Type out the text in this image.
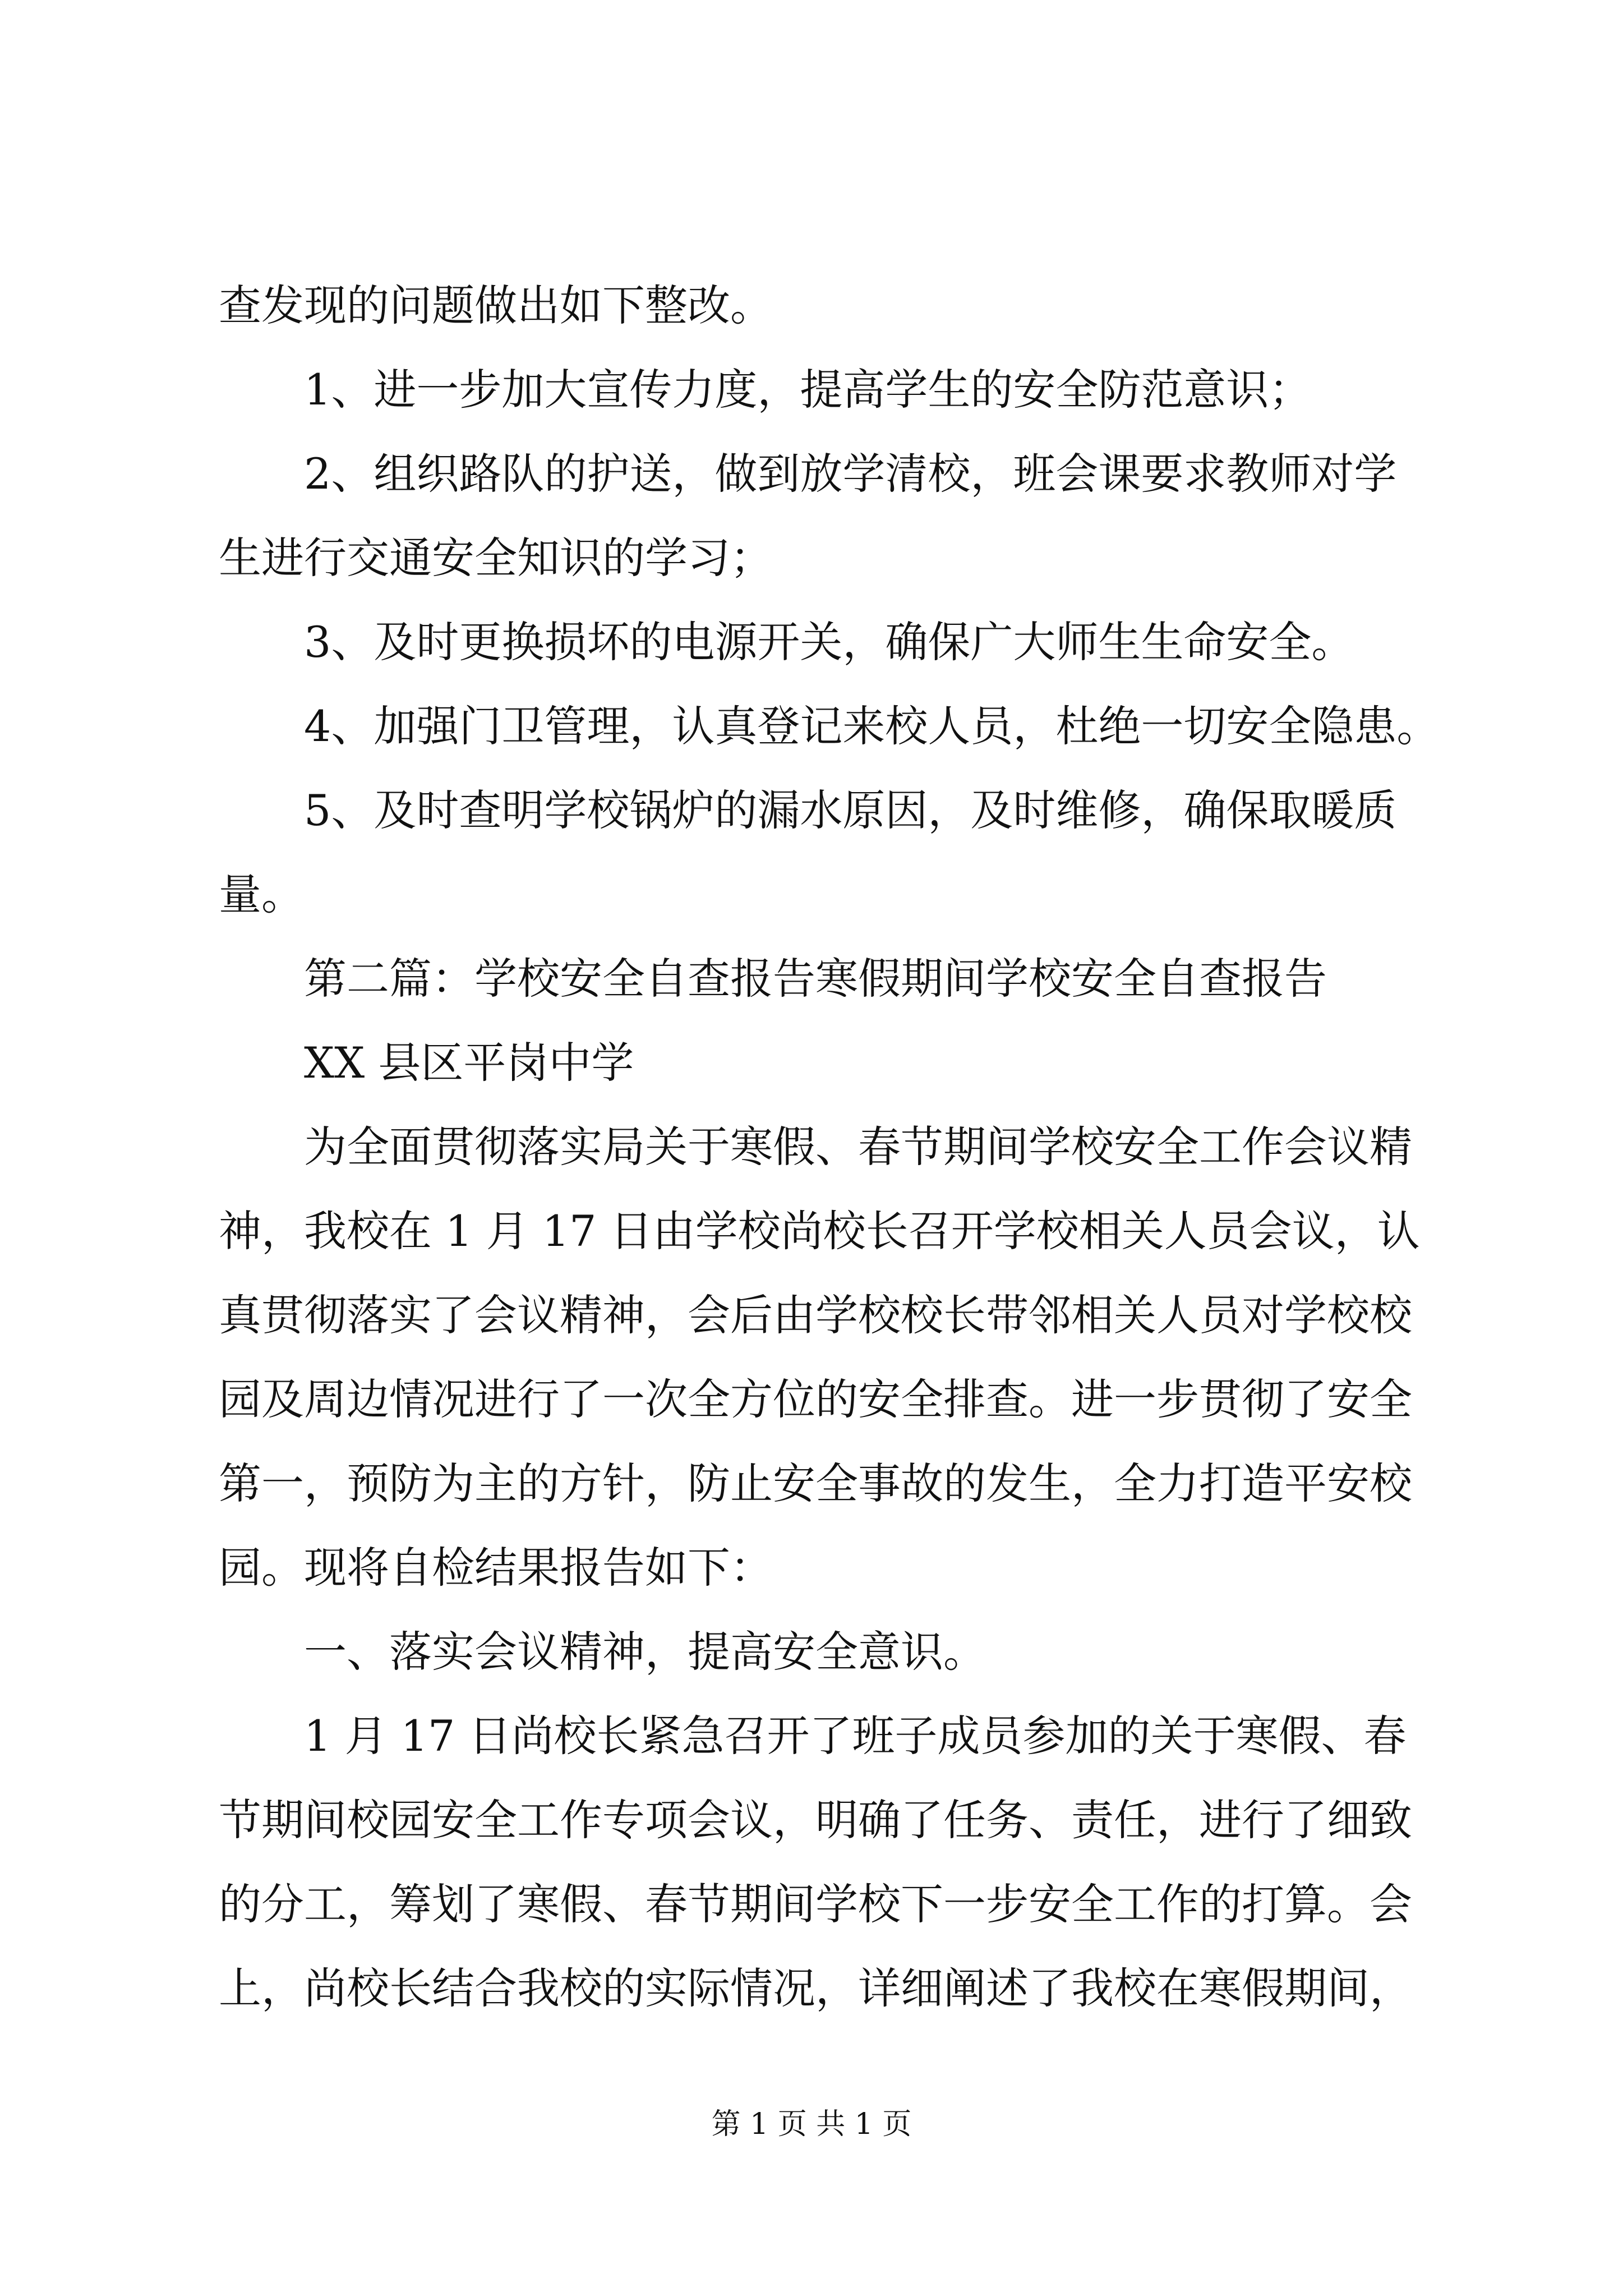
查发现的问题做出如下整改。
1、进一步加大宣传力度，提高学生的安全防范意识；
2、组织路队的护送，做到放学清校，班会课要求教师对学
生进行交通安全知识的学习；
3、及时更换损坏的电源开关，确保广大师生生命安全。
4、加强门卫管理，认真登记来校人员，杜绝一切安全隐患。
5、及时查明学校锅炉的漏水原因，及时维修，确保取暖质
量。
第二篇：学校安全自查报告寒假期间学校安全自查报告
XX 县区平岗中学
为全面贯彻落实局关于寒假、春节期间学校安全工作会议精
神，我校在 1 月 17 日由学校尚校长召开学校相关人员会议，认
真贯彻落实了会议精神，会后由学校校长带邻相关人员对学校校
园及周边情况进行了一次全方位的安全排查。进一步贯彻了安全
第一，预防为主的方针，防止安全事故的发生，全力打造平安校
园。现将自检结果报告如下：
一、落实会议精神，提高安全意识。
1 月 17 日尚校长紧急召开了班子成员参加的关于寒假、春
节期间校园安全工作专项会议，明确了任务、责任，进行了细致
的分工，筹划了寒假、春节期间学校下一步安全工作的打算。会
上，尚校长结合我校的实际情况，详细阐述了我校在寒假期间，
第 1 页 共 1 页
